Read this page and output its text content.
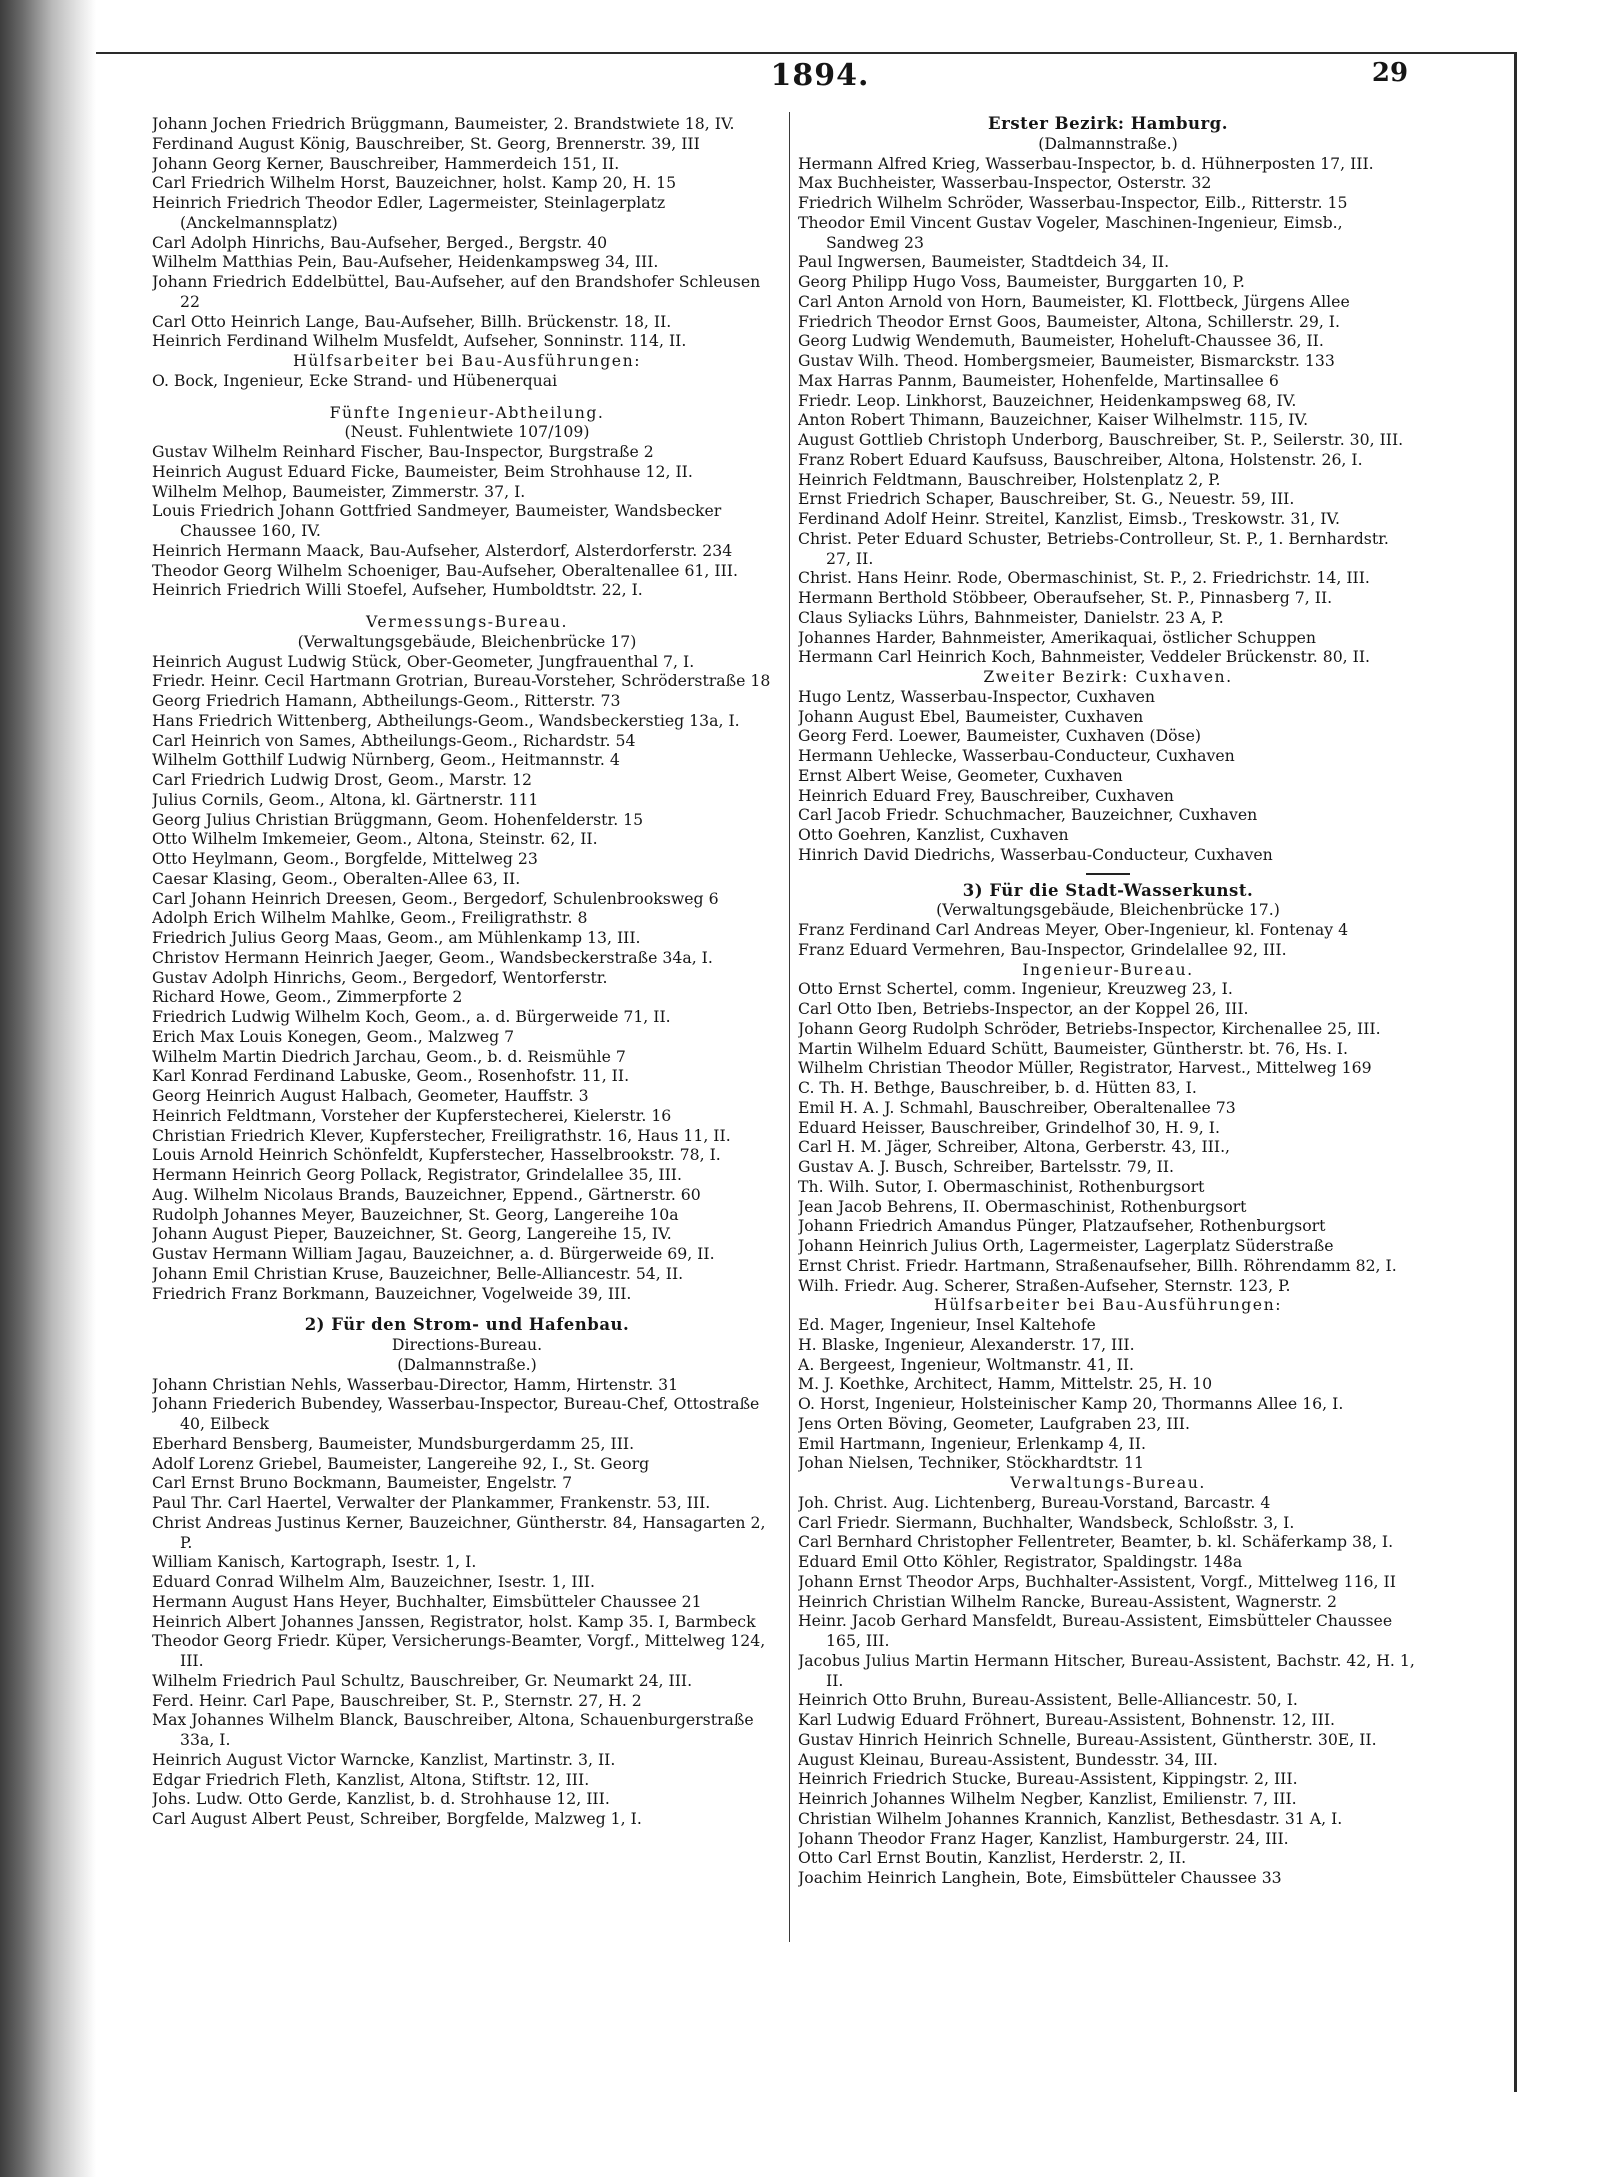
1894.	29
Johann Jochen Friedrich Brüggmann, Baumeister, 2. Brandstwiete 18, IV.
Ferdinand August König, Bauschreiber, St. Georg, Brennerstr. 39, III
Johann Georg Kerner, Bauschreiber, Hammerdeich 151, II.
Carl Friedrich Wilhelm Horst, Bauzeichner, holst. Kamp 20, H. 15
Heinrich Friedrich Theodor Edler, Lagermeister, Steinlagerplatz (Anckelmannsplatz)
Carl Adolph Hinrichs, Bau-Aufseher, Berged., Bergstr. 40
Wilhelm Matthias Pein, Bau-Aufseher, Heidenkampsweg 34, III.
Johann Friedrich Eddelbüttel, Bau-Aufseher, auf den Brandshofer Schleusen 22
Carl Otto Heinrich Lange, Bau-Aufseher, Billh. Brückenstr. 18, II.
Heinrich Ferdinand Wilhelm Musfeldt, Aufseher, Sonninstr. 114, II.
Hülfsarbeiter bei Bau-Ausführungen:
O. Bock, Ingenieur, Ecke Strand- und Hübenerquai
Fünfte Ingenieur-Abtheilung.
(Neust. Fuhlentwiete 107/109)
Gustav Wilhelm Reinhard Fischer, Bau-Inspector, Burgstraße 2
Heinrich August Eduard Ficke, Baumeister, Beim Strohhause 12, II.
Wilhelm Melhop, Baumeister, Zimmerstr. 37, I.
Louis Friedrich Johann Gottfried Sandmeyer, Baumeister, Wandsbecker Chaussee 160, IV.
Heinrich Hermann Maack, Bau-Aufseher, Alsterdorf, Alsterdorferstr. 234
Theodor Georg Wilhelm Schoeniger, Bau-Aufseher, Oberaltenallee 61, III.
Heinrich Friedrich Willi Stoefel, Aufseher, Humboldtstr. 22, I.
Vermessungs-Bureau.
(Verwaltungsgebäude, Bleichenbrücke 17)
Heinrich August Ludwig Stück, Ober-Geometer, Jungfrauenthal 7, I.
Friedr. Heinr. Cecil Hartmann Grotrian, Bureau-Vorsteher, Schröderstraße 18
Georg Friedrich Hamann, Abtheilungs-Geom., Ritterstr. 73
Hans Friedrich Wittenberg, Abtheilungs-Geom., Wandsbeckerstieg 13a, I.
Carl Heinrich von Sames, Abtheilungs-Geom., Richardstr. 54
Wilhelm Gotthilf Ludwig Nürnberg, Geom., Heitmannstr. 4
Carl Friedrich Ludwig Drost, Geom., Marstr. 12
Julius Cornils, Geom., Altona, kl. Gärtnerstr. 111
Georg Julius Christian Brüggmann, Geom. Hohenfelderstr. 15
Otto Wilhelm Imkemeier, Geom., Altona, Steinstr. 62, II.
Otto Heylmann, Geom., Borgfelde, Mittelweg 23
Caesar Klasing, Geom., Oberalten-Allee 63, II.
Carl Johann Heinrich Dreesen, Geom., Bergedorf, Schulenbrooksweg 6
Adolph Erich Wilhelm Mahlke, Geom., Freiligrathstr. 8
Friedrich Julius Georg Maas, Geom., am Mühlenkamp 13, III.
Christov Hermann Heinrich Jaeger, Geom., Wandsbeckerstraße 34a, I.
Gustav Adolph Hinrichs, Geom., Bergedorf, Wentorferstr.
Richard Howe, Geom., Zimmerpforte 2
Friedrich Ludwig Wilhelm Koch, Geom., a. d. Bürgerweide 71, II.
Erich Max Louis Konegen, Geom., Malzweg 7
Wilhelm Martin Diedrich Jarchau, Geom., b. d. Reismühle 7
Karl Konrad Ferdinand Labuske, Geom., Rosenhofstr. 11, II.
Georg Heinrich August Halbach, Geometer, Hauffstr. 3
Heinrich Feldtmann, Vorsteher der Kupferstecherei, Kielerstr. 16
Christian Friedrich Klever, Kupferstecher, Freiligrathstr. 16, Haus 11, II.
Louis Arnold Heinrich Schönfeldt, Kupferstecher, Hasselbrookstr. 78, I.
Hermann Heinrich Georg Pollack, Registrator, Grindelallee 35, III.
Aug. Wilhelm Nicolaus Brands, Bauzeichner, Eppend., Gärtnerstr. 60
Rudolph Johannes Meyer, Bauzeichner, St. Georg, Langereihe 10a
Johann August Pieper, Bauzeichner, St. Georg, Langereihe 15, IV.
Gustav Hermann William Jagau, Bauzeichner, a. d. Bürgerweide 69, II.
Johann Emil Christian Kruse, Bauzeichner, Belle-Alliancestr. 54, II.
Friedrich Franz Borkmann, Bauzeichner, Vogelweide 39, III.
2) Für den Strom- und Hafenbau.
Directions-Bureau.
(Dalmannstraße.)
Johann Christian Nehls, Wasserbau-Director, Hamm, Hirtenstr. 31
Johann Friederich Bubendey, Wasserbau-Inspector, Bureau-Chef, Ottostraße 40, Eilbeck
Eberhard Bensberg, Baumeister, Mundsburgerdamm 25, III.
Adolf Lorenz Griebel, Baumeister, Langereihe 92, I., St. Georg
Carl Ernst Bruno Bockmann, Baumeister, Engelstr. 7
Paul Thr. Carl Haertel, Verwalter der Plankammer, Frankenstr. 53, III.
Christ Andreas Justinus Kerner, Bauzeichner, Güntherstr. 84, Hansagarten 2, P.
William Kanisch, Kartograph, Isestr. 1, I.
Eduard Conrad Wilhelm Alm, Bauzeichner, Isestr. 1, III.
Hermann August Hans Heyer, Buchhalter, Eimsbütteler Chaussee 21
Heinrich Albert Johannes Janssen, Registrator, holst. Kamp 35. I, Barmbeck
Theodor Georg Friedr. Küper, Versicherungs-Beamter, Vorgf., Mittelweg 124, III.
Wilhelm Friedrich Paul Schultz, Bauschreiber, Gr. Neumarkt 24, III.
Ferd. Heinr. Carl Pape, Bauschreiber, St. P., Sternstr. 27, H. 2
Max Johannes Wilhelm Blanck, Bauschreiber, Altona, Schauenburgerstraße 33a, I.
Heinrich August Victor Warncke, Kanzlist, Martinstr. 3, II.
Edgar Friedrich Fleth, Kanzlist, Altona, Stiftstr. 12, III.
Johs. Ludw. Otto Gerde, Kanzlist, b. d. Strohhause 12, III.
Carl August Albert Peust, Schreiber, Borgfelde, Malzweg 1, I.
Erster Bezirk: Hamburg.
(Dalmannstraße.)
Hermann Alfred Krieg, Wasserbau-Inspector, b. d. Hühnerposten 17, III.
Max Buchheister, Wasserbau-Inspector, Osterstr. 32
Friedrich Wilhelm Schröder, Wasserbau-Inspector, Eilb., Ritterstr. 15
Theodor Emil Vincent Gustav Vogeler, Maschinen-Ingenieur, Eimsb., Sandweg 23
Paul Ingwersen, Baumeister, Stadtdeich 34, II.
Georg Philipp Hugo Voss, Baumeister, Burggarten 10, P.
Carl Anton Arnold von Horn, Baumeister, Kl. Flottbeck, Jürgens Allee
Friedrich Theodor Ernst Goos, Baumeister, Altona, Schillerstr. 29, I.
Georg Ludwig Wendemuth, Baumeister, Hoheluft-Chaussee 36, II.
Gustav Wilh. Theod. Hombergsmeier, Baumeister, Bismarckstr. 133
Max Harras Pannm, Baumeister, Hohenfelde, Martinsallee 6
Friedr. Leop. Linkhorst, Bauzeichner, Heidenkampsweg 68, IV.
Anton Robert Thimann, Bauzeichner, Kaiser Wilhelmstr. 115, IV.
August Gottlieb Christoph Underborg, Bauschreiber, St. P., Seilerstr. 30, III.
Franz Robert Eduard Kaufsuss, Bauschreiber, Altona, Holstenstr. 26, I.
Heinrich Feldtmann, Bauschreiber, Holstenplatz 2, P.
Ernst Friedrich Schaper, Bauschreiber, St. G., Neuestr. 59, III.
Ferdinand Adolf Heinr. Streitel, Kanzlist, Eimsb., Treskowstr. 31, IV.
Christ. Peter Eduard Schuster, Betriebs-Controlleur, St. P., 1. Bernhardstr. 27, II.
Christ. Hans Heinr. Rode, Obermaschinist, St. P., 2. Friedrichstr. 14, III.
Hermann Berthold Stöbbeer, Oberaufseher, St. P., Pinnasberg 7, II.
Claus Syliacks Lührs, Bahnmeister, Danielstr. 23 A, P.
Johannes Harder, Bahnmeister, Amerikaquai, östlicher Schuppen
Hermann Carl Heinrich Koch, Bahnmeister, Veddeler Brückenstr. 80, II.
Zweiter Bezirk: Cuxhaven.
Hugo Lentz, Wasserbau-Inspector, Cuxhaven
Johann August Ebel, Baumeister, Cuxhaven
Georg Ferd. Loewer, Baumeister, Cuxhaven (Döse)
Hermann Uehlecke, Wasserbau-Conducteur, Cuxhaven
Ernst Albert Weise, Geometer, Cuxhaven
Heinrich Eduard Frey, Bauschreiber, Cuxhaven
Carl Jacob Friedr. Schuchmacher, Bauzeichner, Cuxhaven
Otto Goehren, Kanzlist, Cuxhaven
Hinrich David Diedrichs, Wasserbau-Conducteur, Cuxhaven
3) Für die Stadt-Wasserkunst.
(Verwaltungsgebäude, Bleichenbrücke 17.)
Franz Ferdinand Carl Andreas Meyer, Ober-Ingenieur, kl. Fontenay 4
Franz Eduard Vermehren, Bau-Inspector, Grindelallee 92, III.
Ingenieur-Bureau.
Otto Ernst Schertel, comm. Ingenieur, Kreuzweg 23, I.
Carl Otto Iben, Betriebs-Inspector, an der Koppel 26, III.
Johann Georg Rudolph Schröder, Betriebs-Inspector, Kirchenallee 25, III.
Martin Wilhelm Eduard Schütt, Baumeister, Güntherstr. bt. 76, Hs. I.
Wilhelm Christian Theodor Müller, Registrator, Harvest., Mittelweg 169
C. Th. H. Bethge, Bauschreiber, b. d. Hütten 83, I.
Emil H. A. J. Schmahl, Bauschreiber, Oberaltenallee 73
Eduard Heisser, Bauschreiber, Grindelhof 30, H. 9, I.
Carl H. M. Jäger, Schreiber, Altona, Gerberstr. 43, III.,
Gustav A. J. Busch, Schreiber, Bartelsstr. 79, II.
Th. Wilh. Sutor, I. Obermaschinist, Rothenburgsort
Jean Jacob Behrens, II. Obermaschinist, Rothenburgsort
Johann Friedrich Amandus Pünger, Platzaufseher, Rothenburgsort
Johann Heinrich Julius Orth, Lagermeister, Lagerplatz Süderstraße
Ernst Christ. Friedr. Hartmann, Straßenaufseher, Billh. Röhrendamm 82, I.
Wilh. Friedr. Aug. Scherer, Straßen-Aufseher, Sternstr. 123, P.
Hülfsarbeiter bei Bau-Ausführungen:
Ed. Mager, Ingenieur, Insel Kaltehofe
H. Blaske, Ingenieur, Alexanderstr. 17, III.
A. Bergeest, Ingenieur, Woltmanstr. 41, II.
M. J. Koethke, Architect, Hamm, Mittelstr. 25, H. 10
O. Horst, Ingenieur, Holsteinischer Kamp 20, Thormanns Allee 16, I.
Jens Orten Böving, Geometer, Laufgraben 23, III.
Emil Hartmann, Ingenieur, Erlenkamp 4, II.
Johan Nielsen, Techniker, Stöckhardtstr. 11
Verwaltungs-Bureau.
Joh. Christ. Aug. Lichtenberg, Bureau-Vorstand, Barcastr. 4
Carl Friedr. Siermann, Buchhalter, Wandsbeck, Schloßstr. 3, I.
Carl Bernhard Christopher Fellentreter, Beamter, b. kl. Schäferkamp 38, I.
Eduard Emil Otto Köhler, Registrator, Spaldingstr. 148a
Johann Ernst Theodor Arps, Buchhalter-Assistent, Vorgf., Mittelweg 116, II
Heinrich Christian Wilhelm Rancke, Bureau-Assistent, Wagnerstr. 2
Heinr. Jacob Gerhard Mansfeldt, Bureau-Assistent, Eimsbütteler Chaussee 165, III.
Jacobus Julius Martin Hermann Hitscher, Bureau-Assistent, Bachstr. 42, H. 1, II.
Heinrich Otto Bruhn, Bureau-Assistent, Belle-Alliancestr. 50, I.
Karl Ludwig Eduard Fröhnert, Bureau-Assistent, Bohnenstr. 12, III.
Gustav Hinrich Heinrich Schnelle, Bureau-Assistent, Güntherstr. 30E, II.
August Kleinau, Bureau-Assistent, Bundesstr. 34, III.
Heinrich Friedrich Stucke, Bureau-Assistent, Kippingstr. 2, III.
Heinrich Johannes Wilhelm Negber, Kanzlist, Emilienstr. 7, III.
Christian Wilhelm Johannes Krannich, Kanzlist, Bethesdastr. 31 A, I.
Johann Theodor Franz Hager, Kanzlist, Hamburgerstr. 24, III.
Otto Carl Ernst Boutin, Kanzlist, Herderstr. 2, II.
Joachim Heinrich Langhein, Bote, Eimsbütteler Chaussee 33
